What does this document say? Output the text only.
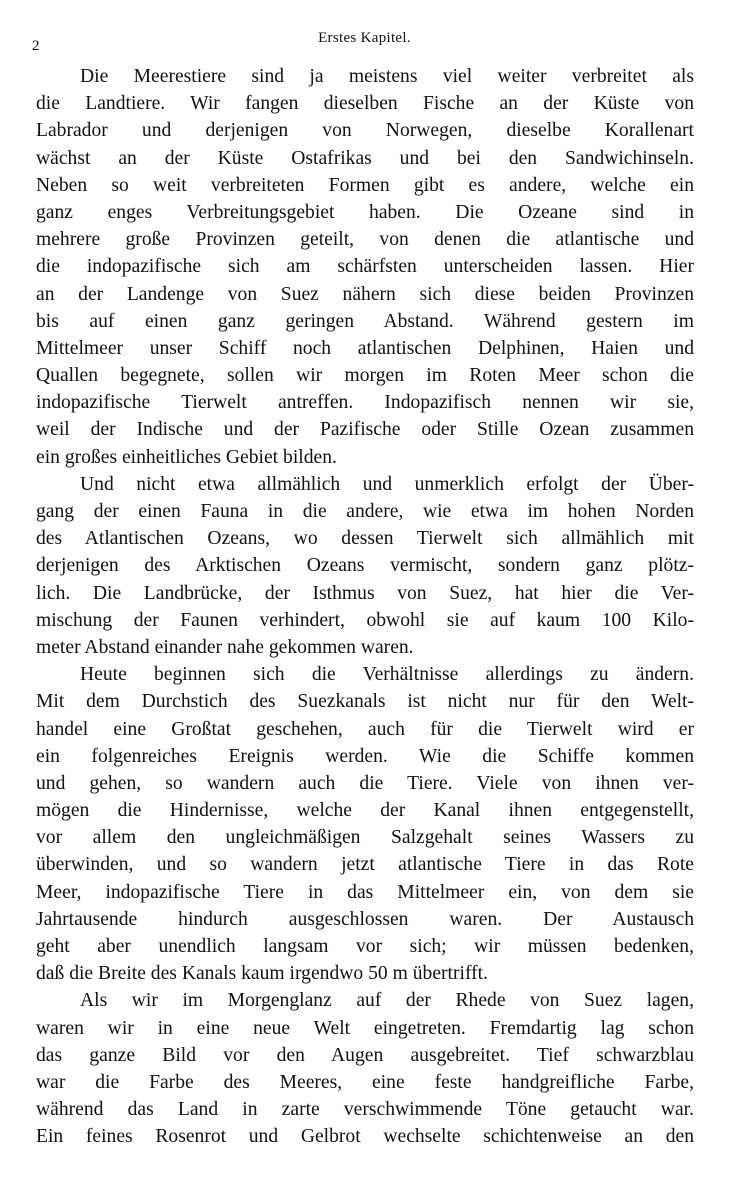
2	Erstes Kapitel.
Die Meerestiere sind ja meistens viel weiter verbreitet als
die Landtiere. Wir fangen dieselben Fische an der Küste von
Labrador und derjenigen von Norwegen, dieselbe Korallenart
wächst an der Küste Ostafrikas und bei den Sandwichinseln.
Neben so weit verbreiteten Formen gibt es andere, welche ein
ganz enges Verbreitungsgebiet haben. Die Ozeane sind in
mehrere große Provinzen geteilt, von denen die atlantische und
die indopazifische sich am schärfsten unterscheiden lassen. Hier
an der Landenge von Suez nähern sich diese beiden Provinzen
bis auf einen ganz geringen Abstand. Während gestern im
Mittelmeer unser Schiff noch atlantischen Delphinen, Haien und
Quallen begegnete, sollen wir morgen im Roten Meer schon die
indopazifische Tierwelt antreffen. Indopazifisch nennen wir sie,
weil der Indische und der Pazifische oder Stille Ozean zusammen
ein großes einheitliches Gebiet bilden.
Und nicht etwa allmählich und unmerklich erfolgt der Über-
gang der einen Fauna in die andere, wie etwa im hohen Norden
des Atlantischen Ozeans, wo dessen Tierwelt sich allmählich mit
derjenigen des Arktischen Ozeans vermischt, sondern ganz plötz-
lich. Die Landbrücke, der Isthmus von Suez, hat hier die Ver-
mischung der Faunen verhindert, obwohl sie auf kaum 100 Kilo-
meter Abstand einander nahe gekommen waren.
Heute beginnen sich die Verhältnisse allerdings zu ändern.
Mit dem Durchstich des Suezkanals ist nicht nur für den Welt-
handel eine Großtat geschehen, auch für die Tierwelt wird er
ein folgenreiches Ereignis werden. Wie die Schiffe kommen
und gehen, so wandern auch die Tiere. Viele von ihnen ver-
mögen die Hindernisse, welche der Kanal ihnen entgegenstellt,
vor allem den ungleichmäßigen Salzgehalt seines Wassers zu
überwinden, und so wandern jetzt atlantische Tiere in das Rote
Meer, indopazifische Tiere in das Mittelmeer ein, von dem sie
Jahrtausende hindurch ausgeschlossen waren. Der Austausch
geht aber unendlich langsam vor sich; wir müssen bedenken,
daß die Breite des Kanals kaum irgendwo 50 m übertrifft.
Als wir im Morgenglanz auf der Rhede von Suez lagen,
waren wir in eine neue Welt eingetreten. Fremdartig lag schon
das ganze Bild vor den Augen ausgebreitet. Tief schwarzblau
war die Farbe des Meeres, eine feste handgreifliche Farbe,
während das Land in zarte verschwimmende Töne getaucht war.
Ein feines Rosenrot und Gelbrot wechselte schichtenweise an den
